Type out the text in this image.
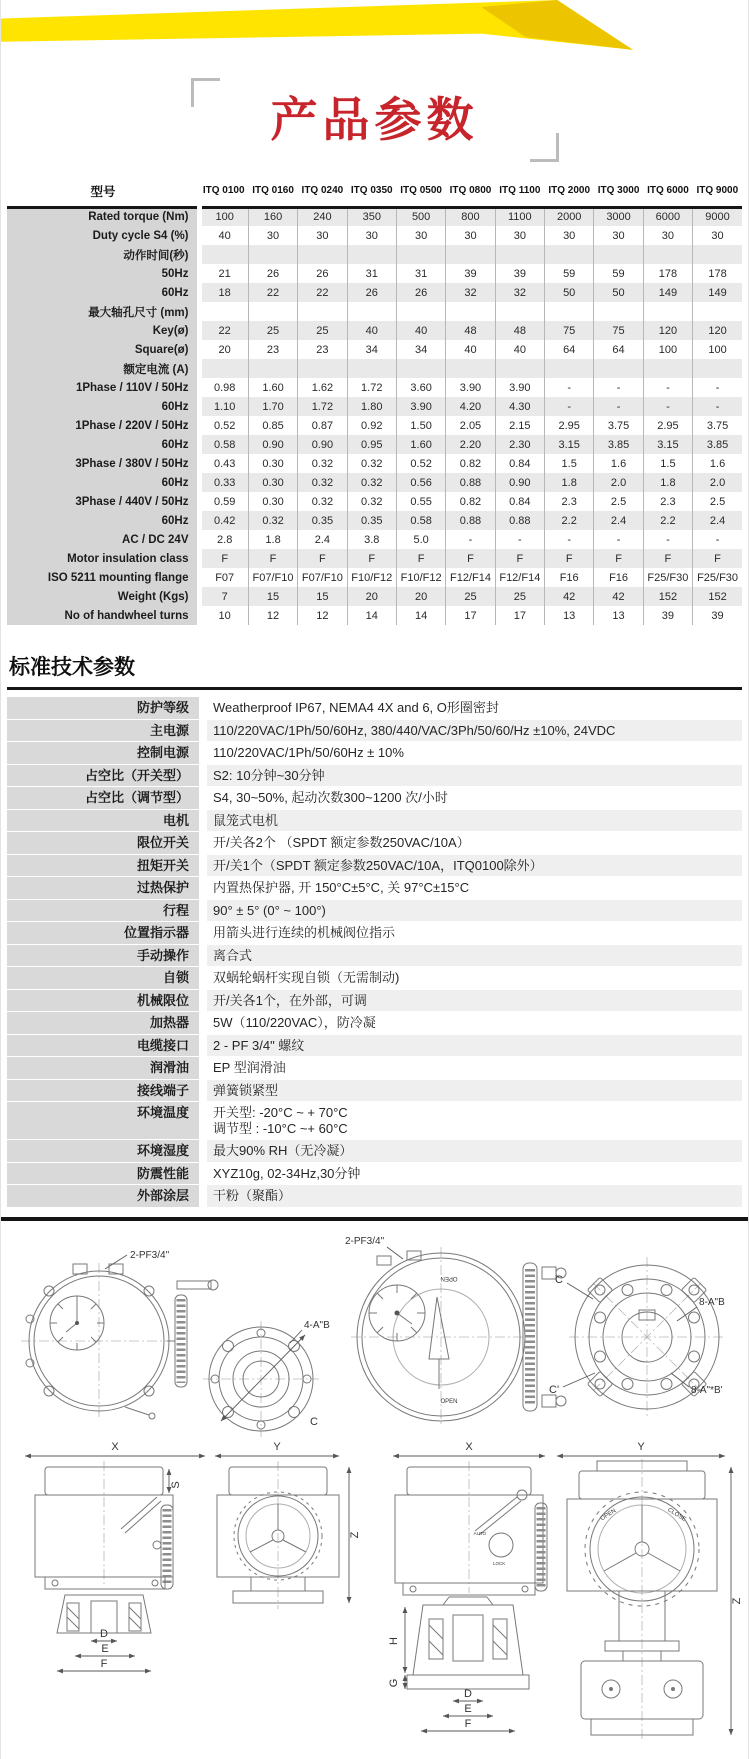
产品参数
型号	ITQ 0100	ITQ 0160	ITQ 0240	ITQ 0350	ITQ 0500	ITQ 0800	ITQ 1100	ITQ 2000	ITQ 3000	ITQ 6000	ITQ 9000
Rated torque (Nm)	100	160	240	350	500	800	1100	2000	3000	6000	9000
Duty cycle S4 (%)	40	30	30	30	30	30	30	30	30	30	30
动作时间(秒)											
50Hz	21	26	26	31	31	39	39	59	59	178	178
60Hz	18	22	22	26	26	32	32	50	50	149	149
最大轴孔尺寸 (mm)											
Key(ø)	22	25	25	40	40	48	48	75	75	120	120
Square(ø)	20	23	23	34	34	40	40	64	64	100	100
额定电流 (A)											
1Phase / 110V / 50Hz	0.98	1.60	1.62	1.72	3.60	3.90	3.90	-	-	-	-
60Hz	1.10	1.70	1.72	1.80	3.90	4.20	4.30	-	-	-	-
1Phase / 220V / 50Hz	0.52	0.85	0.87	0.92	1.50	2.05	2.15	2.95	3.75	2.95	3.75
60Hz	0.58	0.90	0.90	0.95	1.60	2.20	2.30	3.15	3.85	3.15	3.85
3Phase / 380V / 50Hz	0.43	0.30	0.32	0.32	0.52	0.82	0.84	1.5	1.6	1.5	1.6
60Hz	0.33	0.30	0.32	0.32	0.56	0.88	0.90	1.8	2.0	1.8	2.0
3Phase / 440V / 50Hz	0.59	0.30	0.32	0.32	0.55	0.82	0.84	2.3	2.5	2.3	2.5
60Hz	0.42	0.32	0.35	0.35	0.58	0.88	0.88	2.2	2.4	2.2	2.4
AC / DC 24V	2.8	1.8	2.4	3.8	5.0	-	-	-	-	-	-
Motor insulation class	F	F	F	F	F	F	F	F	F	F	F
ISO 5211 mounting flange	F07	F07/F10	F07/F10	F10/F12	F10/F12	F12/F14	F12/F14	F16	F16	F25/F30	F25/F30
Weight (Kgs)	7	15	15	20	20	25	25	42	42	152	152
No of handwheel turns	10	12	12	14	14	17	17	13	13	39	39
标准技术参数
防护等级	Weatherproof IP67, NEMA4 4X and 6, O形圈密封
主电源	110/220VAC/1Ph/50/60Hz, 380/440/VAC/3Ph/50/60/Hz ±10%, 24VDC
控制电源	110/220VAC/1Ph/50/60Hz ± 10%
占空比（开关型）	S2: 10分钟~30分钟
占空比（调节型）	S4, 30~50%, 起动次数300~1200 次/小时
电机	鼠笼式电机
限位开关	开/关各2个 （SPDT 额定参数250VAC/10A）
扭矩开关	开/关1个（SPDT 额定参数250VAC/10A，ITQ0100除外）
过热保护	内置热保护器, 开 150°C±5°C, 关 97°C±15°C
行程	90° ± 5° (0° ~ 100°)
位置指示器	用箭头进行连续的机械阀位指示
手动操作	离合式
自锁	双蜗轮蜗杆实现自锁（无需制动)
机械限位	开/关各1个，在外部，可调
加热器	5W（110/220VAC），防冷凝
电缆接口	2 - PF 3/4" 螺纹
润滑油	EP 型润滑油
接线端子	弹簧锁紧型
环境温度	开关型: -20°C ~ + 70°C
调节型 : -10°C ~+ 60°C
环境湿度	最大90% RH（无冷凝）
防震性能	XYZ10g, 02-34Hz,30分钟
外部涂层	干粉（聚酯）
2-PF3/4"
4-A"B
C
2-PF3/4"
OPEN
OPEN
C
C'
8-A"B
8-A"*B'
X
S
D
E
F
Y
Z
X
AUTO
LOCK
H
G
D
E
F
Y
OPEN	CLOSE
Z
